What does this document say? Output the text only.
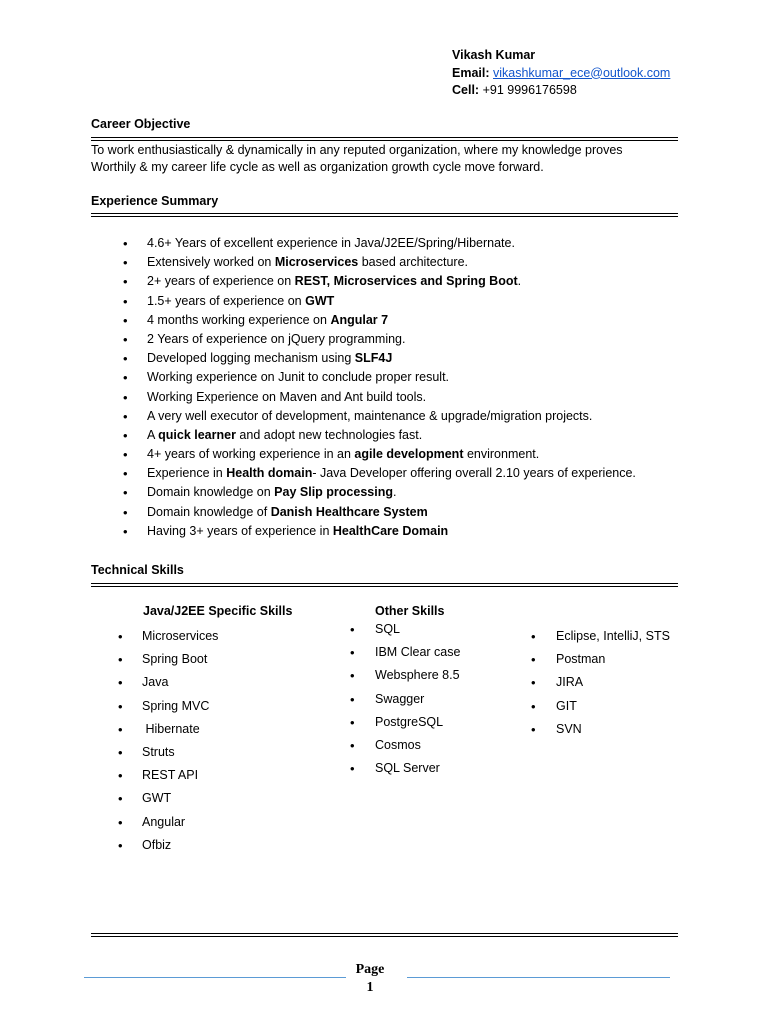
Vikash Kumar
Email: vikashkumar_ece@outlook.com
Cell: +91 9996176598
Career Objective
To work enthusiastically & dynamically in any reputed organization, where my knowledge proves
Worthily & my career life cycle as well as organization growth cycle move forward.
Experience Summary
• 4.6+ Years of excellent experience in Java/J2EE/Spring/Hibernate.
• Extensively worked on Microservices based architecture.
• 2+ years of experience on REST, Microservices and Spring Boot.
• 1.5+ years of experience on GWT
• 4 months working experience on Angular 7
• 2 Years of experience on jQuery programming.
• Developed logging mechanism using SLF4J
• Working experience on Junit to conclude proper result.
• Working Experience on Maven and Ant build tools.
• A very well executor of development, maintenance & upgrade/migration projects.
• A quick learner and adopt new technologies fast.
• 4+ years of working experience in an agile development environment.
• Experience in Health domain- Java Developer offering overall 2.10 years of experience.
• Domain knowledge on Pay Slip processing.
• Domain knowledge of Danish Healthcare System
• Having 3+ years of experience in HealthCare Domain
Technical Skills
Java/J2EE Specific Skills
• Microservices
• Spring Boot
• Java
• Spring MVC
•  Hibernate
• Struts
• REST API
• GWT
• Angular
• Ofbiz
Other Skills
• SQL
• IBM Clear case
• Websphere 8.5
• Swagger
• PostgreSQL
• Cosmos
• SQL Server
• Eclipse, IntelliJ, STS
• Postman
• JIRA
• GIT
• SVN
Page
1
